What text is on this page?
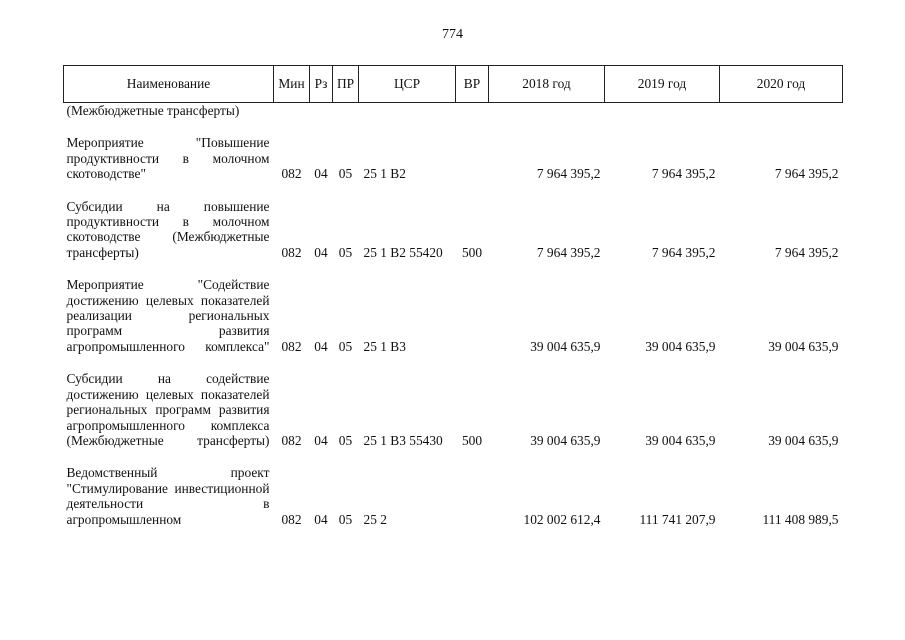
774
Наименование	Мин	Рз	ПР	ЦСР	ВР	2018 год	2019 год	2020 год
(Межбюджетные трансферты)								

Мероприятие "Повышение продуктивности в молочном скотоводстве"	082	04	05	25 1 B2		7 964 395,2	7 964 395,2	7 964 395,2

Субсидии на повышение продуктивности в молочном скотоводстве (Межбюджетные трансферты)	082	04	05	25 1 B2 55420	500	7 964 395,2	7 964 395,2	7 964 395,2

Мероприятие "Содействие достижению целевых показателей реализации региональных программ развития агропромышленного комплекса"	082	04	05	25 1 B3		39 004 635,9	39 004 635,9	39 004 635,9

Субсидии на содействие достижению целевых показателей региональных программ развития агропромышленного комплекса (Межбюджетные трансферты)	082	04	05	25 1 B3 55430	500	39 004 635,9	39 004 635,9	39 004 635,9

Ведомственный проект "Стимулирование инвестиционной деятельности в агропромышленном	082	04	05	25 2		102 002 612,4	111 741 207,9	111 408 989,5
